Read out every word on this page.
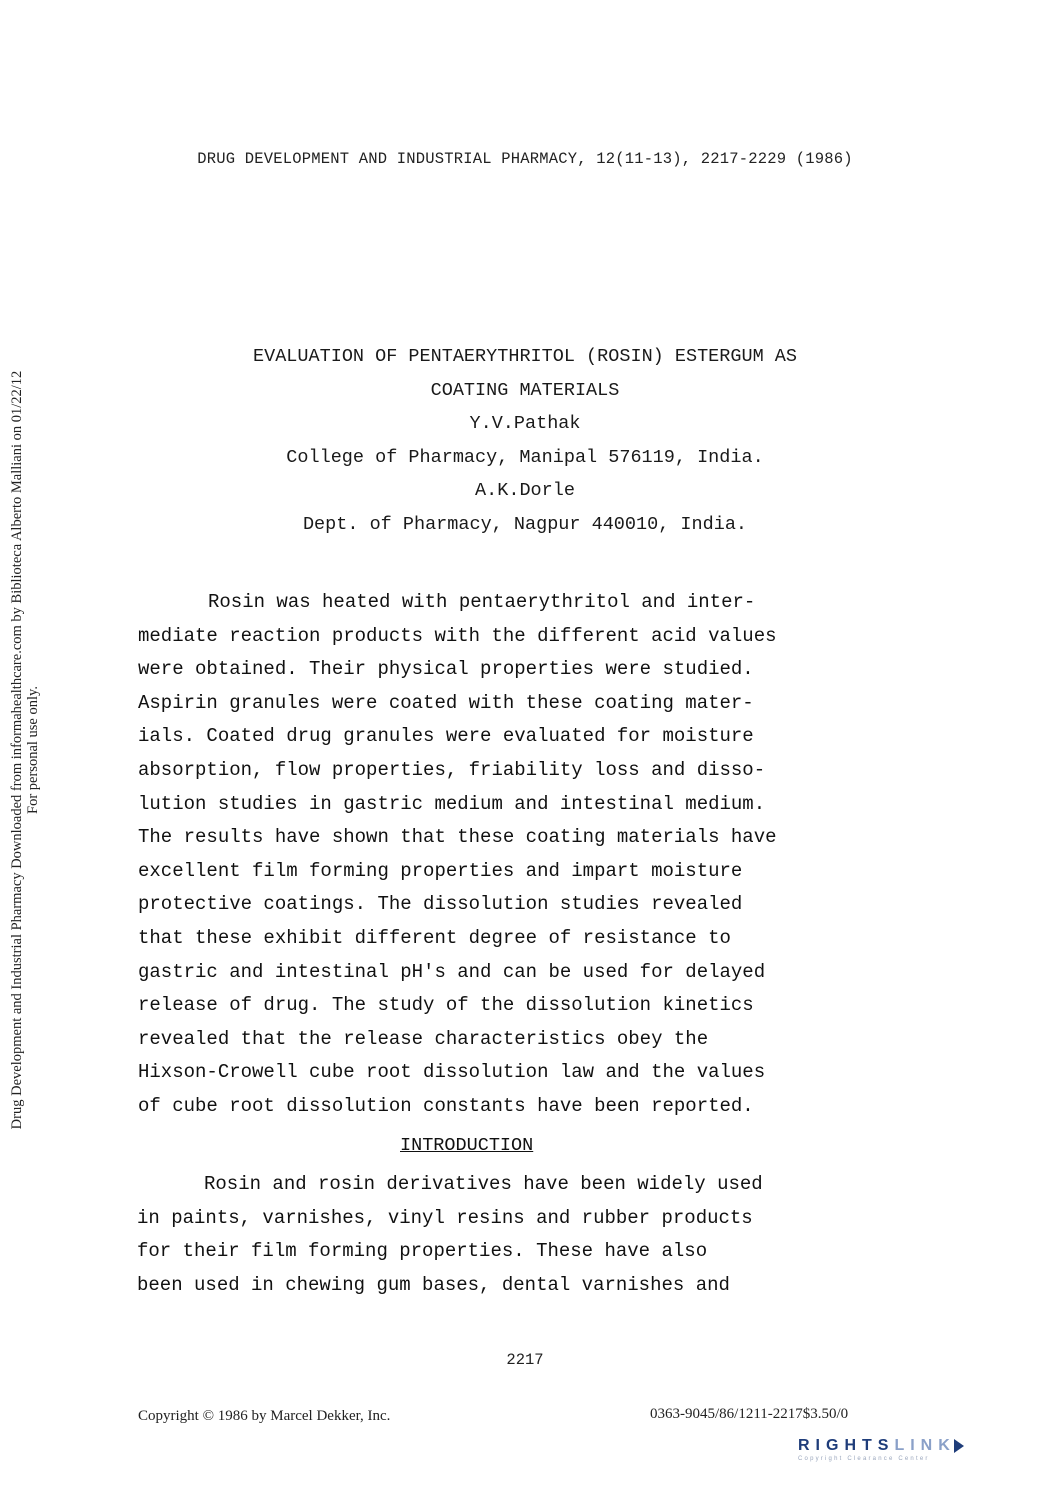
DRUG DEVELOPMENT AND INDUSTRIAL PHARMACY, 12(11-13), 2217-2229 (1986)
Drug Development and Industrial Pharmacy Downloaded from informahealthcare.com by Biblioteca Alberto Malliani on 01/22/12 For personal use only.
EVALUATION OF PENTAERYTHRITOL (ROSIN) ESTERGUM AS
COATING MATERIALS
Y.V.Pathak
College of Pharmacy, Manipal 576119, India.
A.K.Dorle
Dept. of Pharmacy, Nagpur 440010, India.
Rosin was heated with pentaerythritol and inter-
mediate reaction products with the different acid values
were obtained. Their physical properties were studied.
Aspirin granules were coated with these coating mater-
ials. Coated drug granules were evaluated for moisture
absorption, flow properties, friability loss and disso-
lution studies in gastric medium and intestinal medium.
The results have shown that these coating materials have
excellent film forming properties and impart moisture
protective coatings. The dissolution studies revealed
that these exhibit different degree of resistance to
gastric and intestinal pH's and can be used for delayed
release of drug. The study of the dissolution kinetics
revealed that the release characteristics obey the
Hixson-Crowell cube root dissolution law and the values
of cube root dissolution constants have been reported.
INTRODUCTION
Rosin and rosin derivatives have been widely used
in paints, varnishes, vinyl resins and rubber products
for their film forming properties. These have also
been used in chewing gum bases, dental varnishes and
2217
Copyright © 1986 by Marcel Dekker, Inc.	0363-9045/86/1211-2217$3.50/0
RIGHTSLINK
Copyright Clearance Center
